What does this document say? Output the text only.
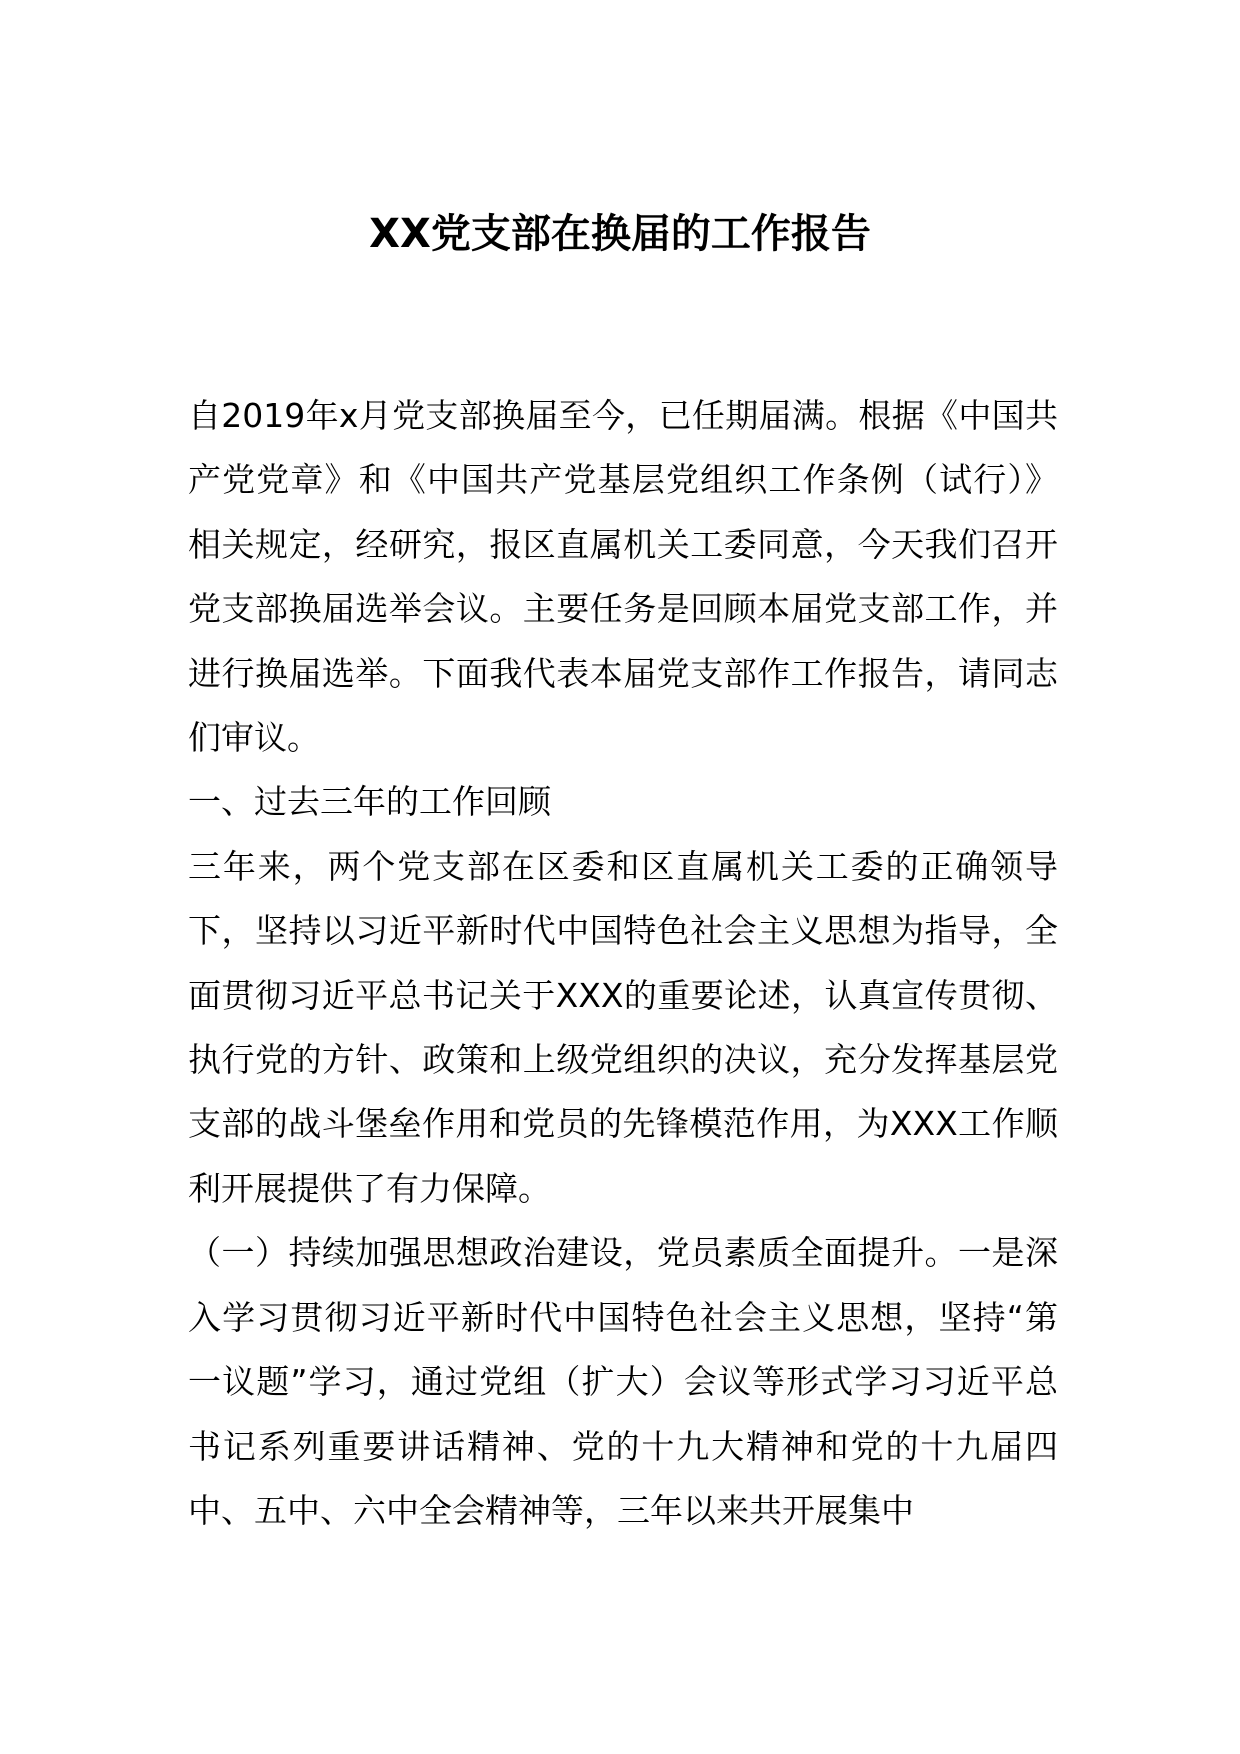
XX党支部在换届的工作报告

自2019年x月党支部换届至今，已任期届满。根据《中国共产党党章》和《中国共产党基层党组织工作条例（试行）》相关规定，经研究，报区直属机关工委同意，今天我们召开党支部换届选举会议。主要任务是回顾本届党支部工作，并进行换届选举。下面我代表本届党支部作工作报告，请同志们审议。

一、过去三年的工作回顾

三年来，两个党支部在区委和区直属机关工委的正确领导下，坚持以习近平新时代中国特色社会主义思想为指导，全面贯彻习近平总书记关于XXX的重要论述，认真宣传贯彻、执行党的方针、政策和上级党组织的决议，充分发挥基层党支部的战斗堡垒作用和党员的先锋模范作用，为XXX工作顺利开展提供了有力保障。

（一）持续加强思想政治建设，党员素质全面提升。一是深入学习贯彻习近平新时代中国特色社会主义思想，坚持“第一议题”学习，通过党组（扩大）会议等形式学习习近平总书记系列重要讲话精神、党的十九大精神和党的十九届四中、五中、六中全会精神等，三年以来共开展集中
